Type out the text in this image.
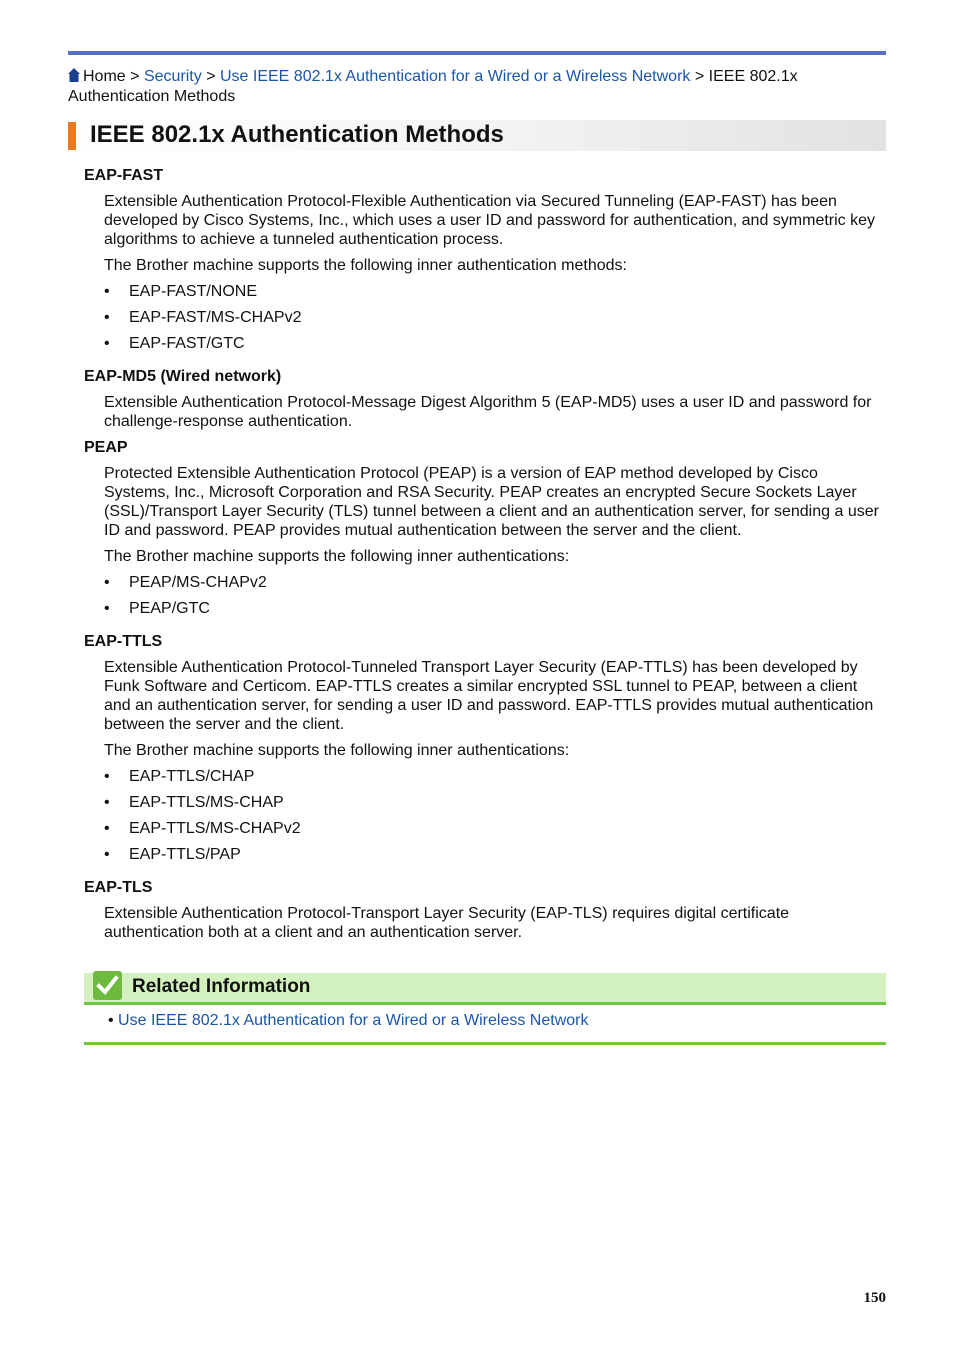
Home > Security > Use IEEE 802.1x Authentication for a Wired or a Wireless Network > IEEE 802.1x Authentication Methods
IEEE 802.1x Authentication Methods
EAP-FAST

Extensible Authentication Protocol-Flexible Authentication via Secured Tunneling (EAP-FAST) has been developed by Cisco Systems, Inc., which uses a user ID and password for authentication, and symmetric key algorithms to achieve a tunneled authentication process.

The Brother machine supports the following inner authentication methods:

• EAP-FAST/NONE
• EAP-FAST/MS-CHAPv2
• EAP-FAST/GTC
EAP-MD5 (Wired network)

Extensible Authentication Protocol-Message Digest Algorithm 5 (EAP-MD5) uses a user ID and password for challenge-response authentication.

PEAP

Protected Extensible Authentication Protocol (PEAP) is a version of EAP method developed by Cisco Systems, Inc., Microsoft Corporation and RSA Security. PEAP creates an encrypted Secure Sockets Layer (SSL)/Transport Layer Security (TLS) tunnel between a client and an authentication server, for sending a user ID and password. PEAP provides mutual authentication between the server and the client.

The Brother machine supports the following inner authentications:

• PEAP/MS-CHAPv2
• PEAP/GTC
EAP-TTLS

Extensible Authentication Protocol-Tunneled Transport Layer Security (EAP-TTLS) has been developed by Funk Software and Certicom. EAP-TTLS creates a similar encrypted SSL tunnel to PEAP, between a client and an authentication server, for sending a user ID and password. EAP-TTLS provides mutual authentication between the server and the client.

The Brother machine supports the following inner authentications:

• EAP-TTLS/CHAP
• EAP-TTLS/MS-CHAP
• EAP-TTLS/MS-CHAPv2
• EAP-TTLS/PAP
EAP-TLS

Extensible Authentication Protocol-Transport Layer Security (EAP-TLS) requires digital certificate authentication both at a client and an authentication server.

Related Information
• Use IEEE 802.1x Authentication for a Wired or a Wireless Network
150
